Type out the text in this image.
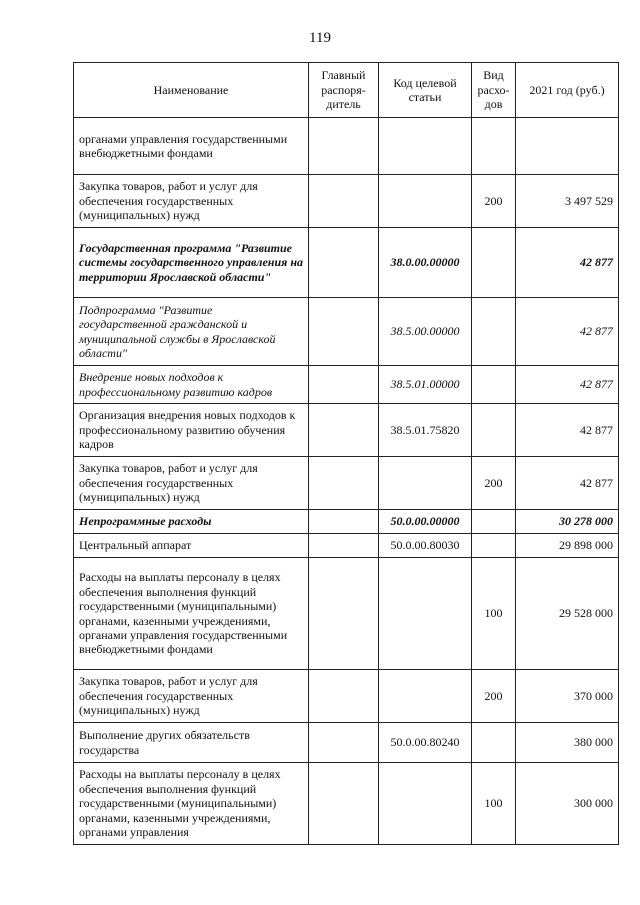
119
Наименование	Главный распоря-дитель	Код целевой статьи	Вид расхо-дов	2021 год (руб.)
органами управления государственными внебюджетными фондами				
Закупка товаров, работ и услуг для обеспечения государственных (муниципальных) нужд			200	3 497 529
Государственная программа "Развитие системы государственного управления на территории Ярославской области"		38.0.00.00000		42 877
Подпрограмма "Развитие государственной гражданской и муниципальной службы в Ярославской области"		38.5.00.00000		42 877
Внедрение новых подходов к профессиональному развитию кадров		38.5.01.00000		42 877
Организация внедрения новых подходов к профессиональному развитию обучения кадров		38.5.01.75820		42 877
Закупка товаров, работ и услуг для обеспечения государственных (муниципальных) нужд			200	42 877
Непрограммные расходы		50.0.00.00000		30 278 000
Центральный аппарат		50.0.00.80030		29 898 000
Расходы на выплаты персоналу в целях обеспечения выполнения функций государственными (муниципальными) органами, казенными учреждениями, органами управления государственными внебюджетными фондами			100	29 528 000
Закупка товаров, работ и услуг для обеспечения государственных (муниципальных) нужд			200	370 000
Выполнение других обязательств государства		50.0.00.80240		380 000
Расходы на выплаты персоналу в целях обеспечения выполнения функций государственными (муниципальными) органами, казенными учреждениями, органами управления			100	300 000
